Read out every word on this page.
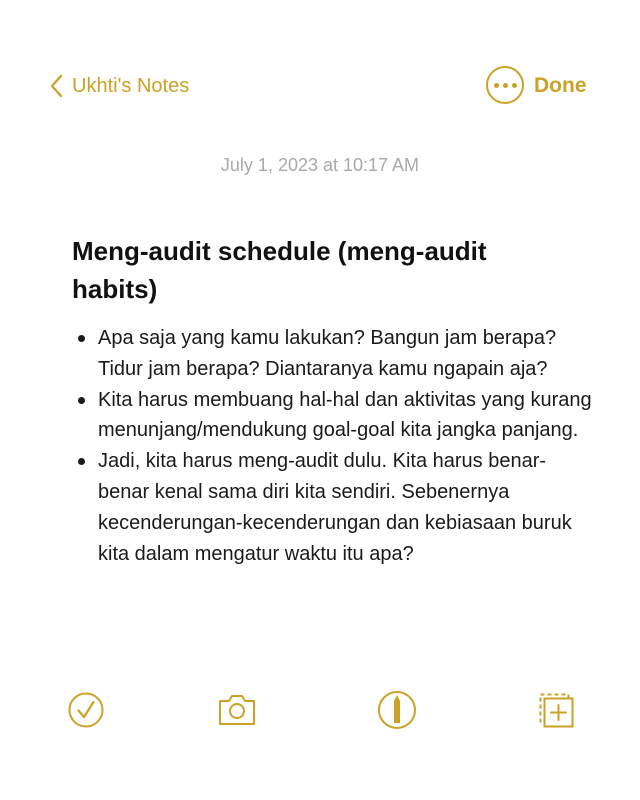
Ukhti's Notes	Done
July 1, 2023 at 10:17 AM
Meng-audit schedule (meng-audit habits)
Apa saja yang kamu lakukan? Bangun jam berapa? Tidur jam berapa? Diantaranya kamu ngapain aja?
Kita harus membuang hal-hal dan aktivitas yang kurang menunjang/mendukung goal-goal kita jangka panjang.
Jadi, kita harus meng-audit dulu. Kita harus benar-benar kenal sama diri kita sendiri. Sebenernya kecenderungan-kecenderungan dan kebiasaan buruk kita dalam mengatur waktu itu apa?
